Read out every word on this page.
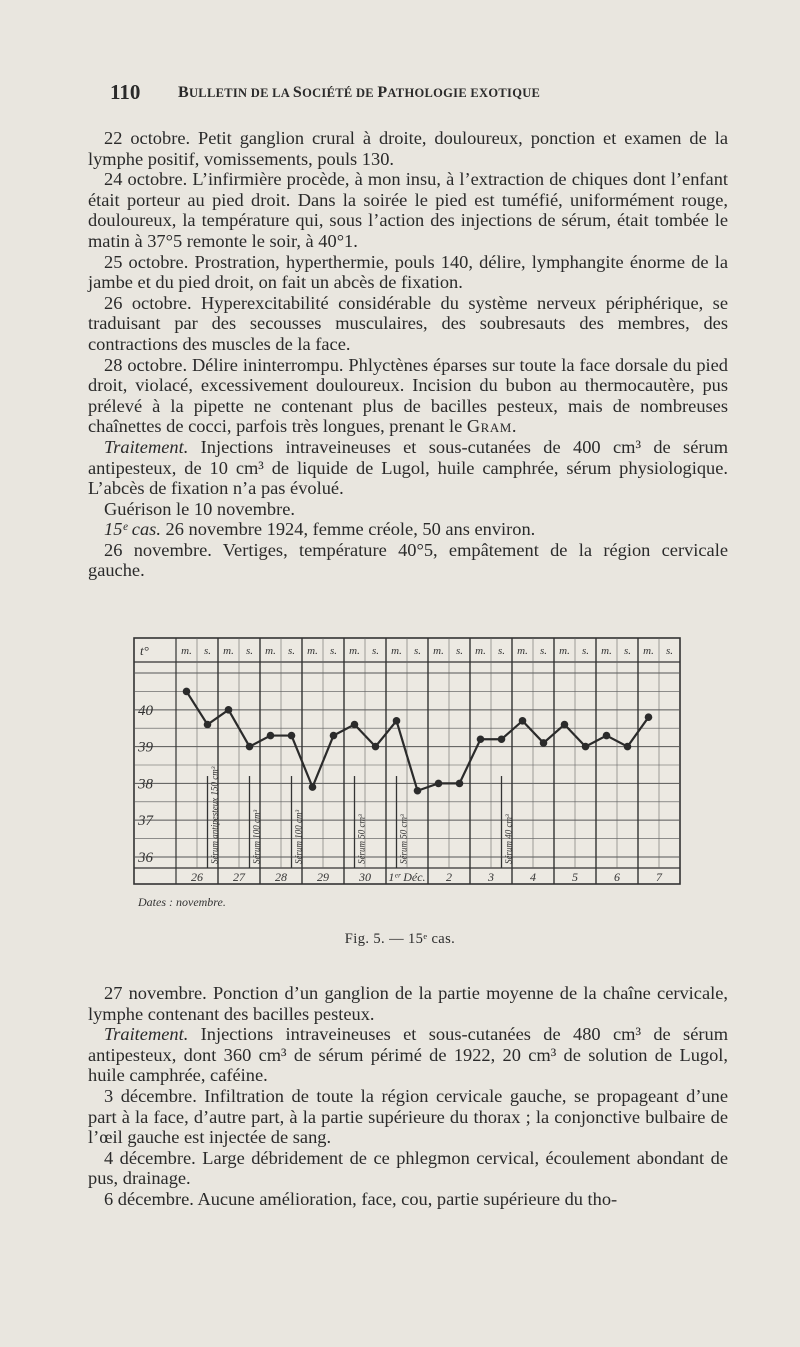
110 BULLETIN DE LA SOCIÉTÉ DE PATHOLOGIE EXOTIQUE

22 octobre. Petit ganglion crural à droite, douloureux, ponction et examen de la lymphe positif, vomissements, pouls 130.

24 octobre. L’infirmière procède, à mon insu, à l’extraction de chiques dont l’enfant était porteur au pied droit. Dans la soirée le pied est tuméfié, uniformément rouge, douloureux, la température qui, sous l’action des injections de sérum, était tombée le matin à 37°5 remonte le soir, à 40°1.

25 octobre. Prostration, hyperthermie, pouls 140, délire, lymphangite énorme de la jambe et du pied droit, on fait un abcès de fixation.

26 octobre. Hyperexcitabilité considérable du système nerveux périphérique, se traduisant par des secousses musculaires, des soubresauts des membres, des contractions des muscles de la face.

28 octobre. Délire ininterrompu. Phlyctènes éparses sur toute la face dorsale du pied droit, violacé, excessivement douloureux. Incision du bubon au thermocautère, pus prélevé à la pipette ne contenant plus de bacilles pesteux, mais de nombreuses chaînettes de cocci, parfois très longues, prenant le Gram.

Traitement. Injections intraveineuses et sous-cutanées de 400 cm³ de sérum antipesteux, de 10 cm³ de liquide de Lugol, huile camphrée, sérum physiologique. L’abcès de fixation n’a pas évolué.

Guérison le 10 novembre.

15ᵉ cas. 26 novembre 1924, femme créole, 50 ans environ.

26 novembre. Vertiges, température 40°5, empâtement de la région cervicale gauche.

m. s.
26
m. s.
27
m. s.
28
m. s.
29
m. s.
30
m. s.
1ᵉʳ Déc.
m. s.
2
m. s.
3
m. s.
4
m. s.
5
m. s.
6
m. s.
7
t°
40
39
38
37
36	Sérum antipesteux 150 cm³	Sérum 100 cm³	Sérum 100 cm³	Sérum 50 cm³	Sérum 50 cm³	Sérum 40 cm³
Dates : novembre.
Fig. 5. — 15ᵉ cas.

27 novembre. Ponction d’un ganglion de la partie moyenne de la chaîne cervicale, lymphe contenant des bacilles pesteux.

Traitement. Injections intraveineuses et sous-cutanées de 480 cm³ de sérum antipesteux, dont 360 cm³ de sérum périmé de 1922, 20 cm³ de solution de Lugol, huile camphrée, caféine.

3 décembre. Infiltration de toute la région cervicale gauche, se propageant d’une part à la face, d’autre part, à la partie supérieure du thorax ; la conjonctive bulbaire de l’œil gauche est injectée de sang.

4 décembre. Large débridement de ce phlegmon cervical, écoulement abondant de pus, drainage.

6 décembre. Aucune amélioration, face, cou, partie supérieure du tho-
